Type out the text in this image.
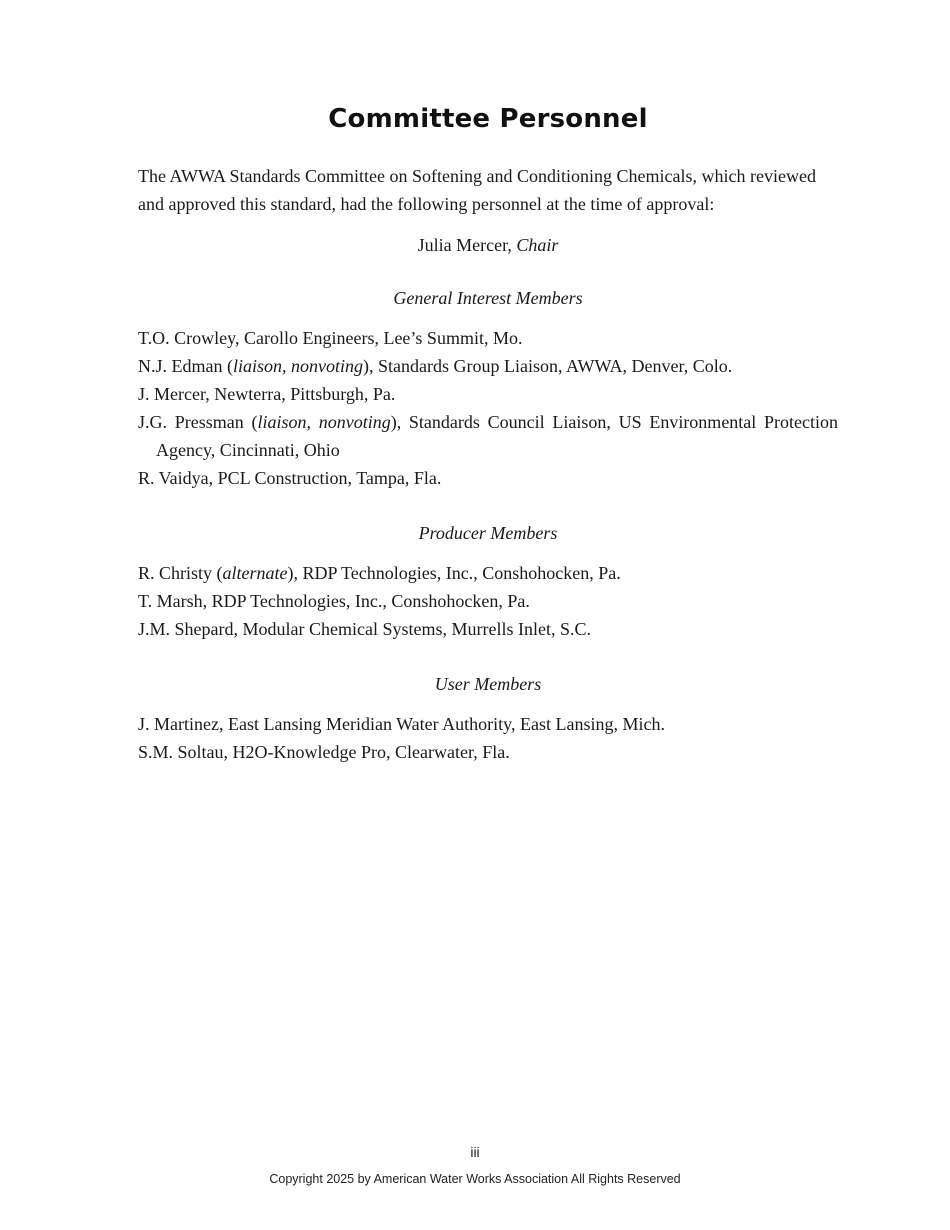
Committee Personnel
The AWWA Standards Committee on Softening and Conditioning Chemicals, which reviewed and approved this standard, had the following personnel at the time of approval:
Julia Mercer, Chair
General Interest Members
T.O. Crowley, Carollo Engineers, Lee’s Summit, Mo.
N.J. Edman (liaison, nonvoting), Standards Group Liaison, AWWA, Denver, Colo.
J. Mercer, Newterra, Pittsburgh, Pa.
J.G. Pressman (liaison, nonvoting), Standards Council Liaison, US Environmental Protection Agency, Cincinnati, Ohio
R. Vaidya, PCL Construction, Tampa, Fla.
Producer Members
R. Christy (alternate), RDP Technologies, Inc., Conshohocken, Pa.
T. Marsh, RDP Technologies, Inc., Conshohocken, Pa.
J.M. Shepard, Modular Chemical Systems, Murrells Inlet, S.C.
User Members
J. Martinez, East Lansing Meridian Water Authority, East Lansing, Mich.
S.M. Soltau, H2O-Knowledge Pro, Clearwater, Fla.
iii
Copyright 2025 by American Water Works Association All Rights Reserved
